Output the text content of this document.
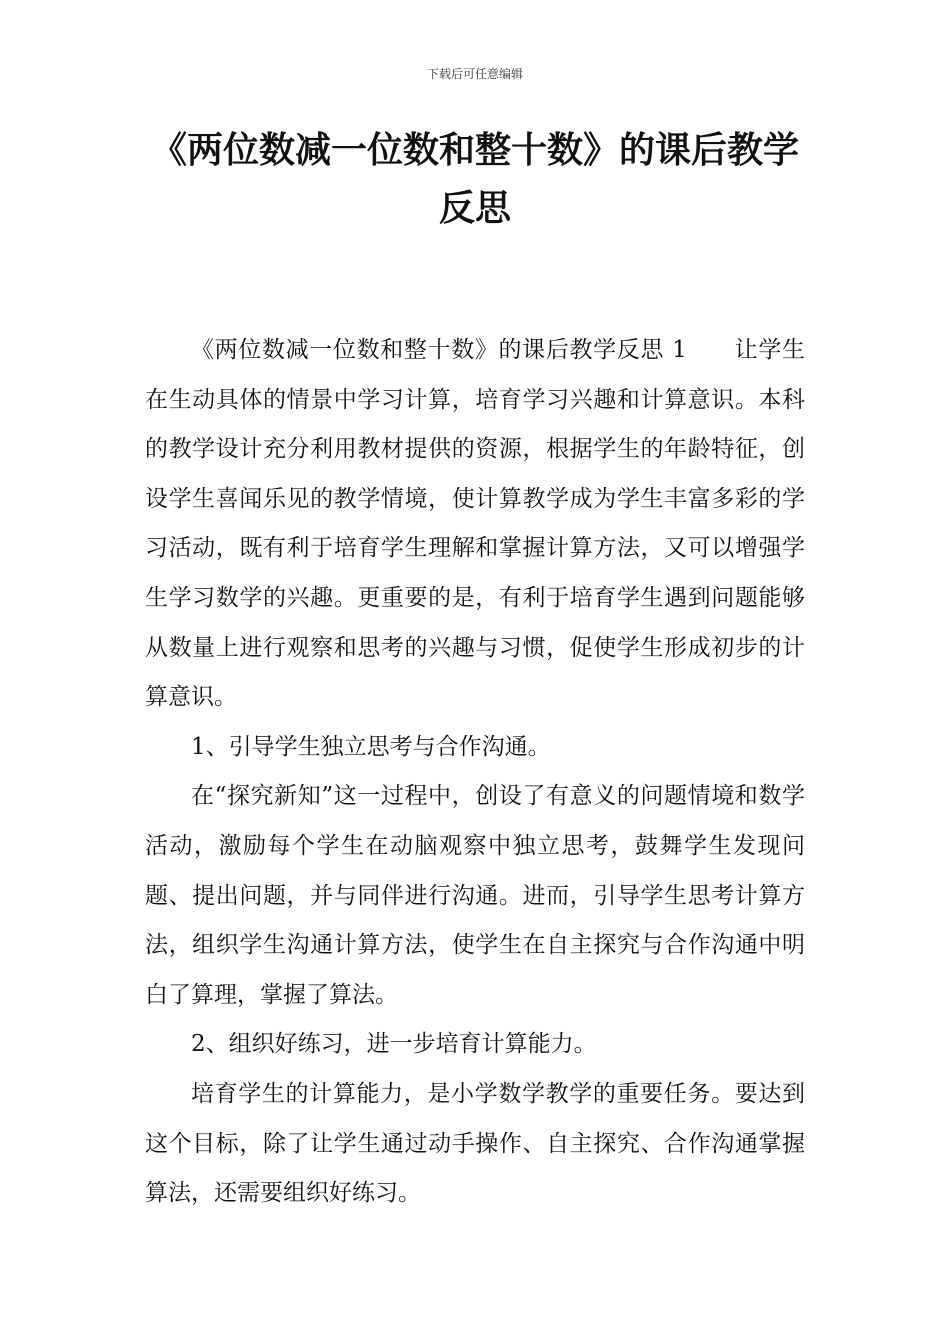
下载后可任意编辑
《两位数减一位数和整十数》的课后教学反思

《两位数减一位数和整十数》的课后教学反思 1　　让学生在生动具体的情景中学习计算，培育学习兴趣和计算意识。本科的教学设计充分利用教材提供的资源，根据学生的年龄特征，创设学生喜闻乐见的教学情境，使计算教学成为学生丰富多彩的学习活动，既有利于培育学生理解和掌握计算方法，又可以增强学生学习数学的兴趣。更重要的是，有利于培育学生遇到问题能够从数量上进行观察和思考的兴趣与习惯，促使学生形成初步的计算意识。

1、引导学生独立思考与合作沟通。

在“探究新知”这一过程中，创设了有意义的问题情境和数学活动，激励每个学生在动脑观察中独立思考，鼓舞学生发现问题、提出问题，并与同伴进行沟通。进而，引导学生思考计算方法，组织学生沟通计算方法，使学生在自主探究与合作沟通中明白了算理，掌握了算法。

2、组织好练习，进一步培育计算能力。

培育学生的计算能力，是小学数学教学的重要任务。要达到这个目标，除了让学生通过动手操作、自主探究、合作沟通掌握算法，还需要组织好练习。
